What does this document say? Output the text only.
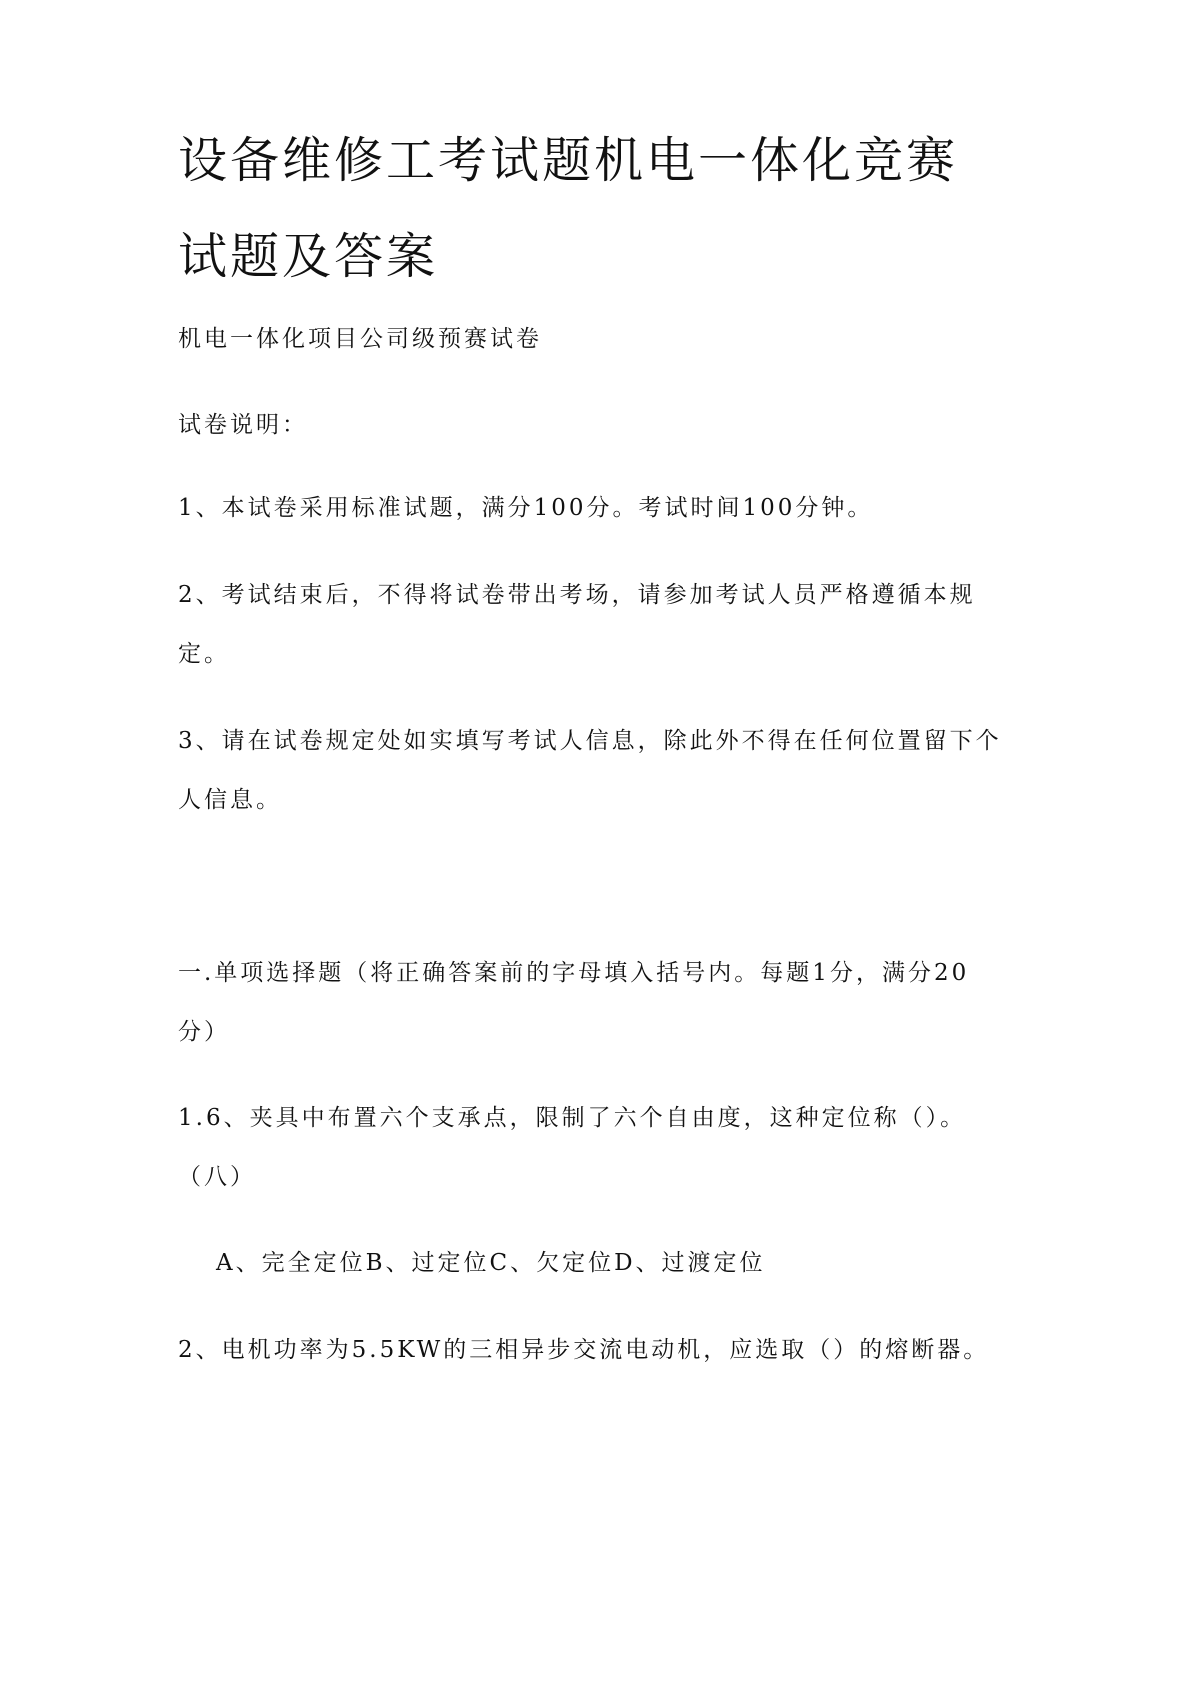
设备维修工考试题机电一体化竞赛
试题及答案

机电一体化项目公司级预赛试卷

试卷说明：

1、本试卷采用标准试题，满分100分。考试时间100分钟。

2、考试结束后，不得将试卷带出考场，请参加考试人员严格遵循本规

定。

3、请在试卷规定处如实填写考试人信息，除此外不得在任何位置留下个

人信息。

一.单项选择题（将正确答案前的字母填入括号内。每题1分，满分20

分）

1.6、夹具中布置六个支承点，限制了六个自由度，这种定位称（）。

（八）

A、完全定位B、过定位C、欠定位D、过渡定位

2、电机功率为5.5KW的三相异步交流电动机，应选取（）的熔断器。
